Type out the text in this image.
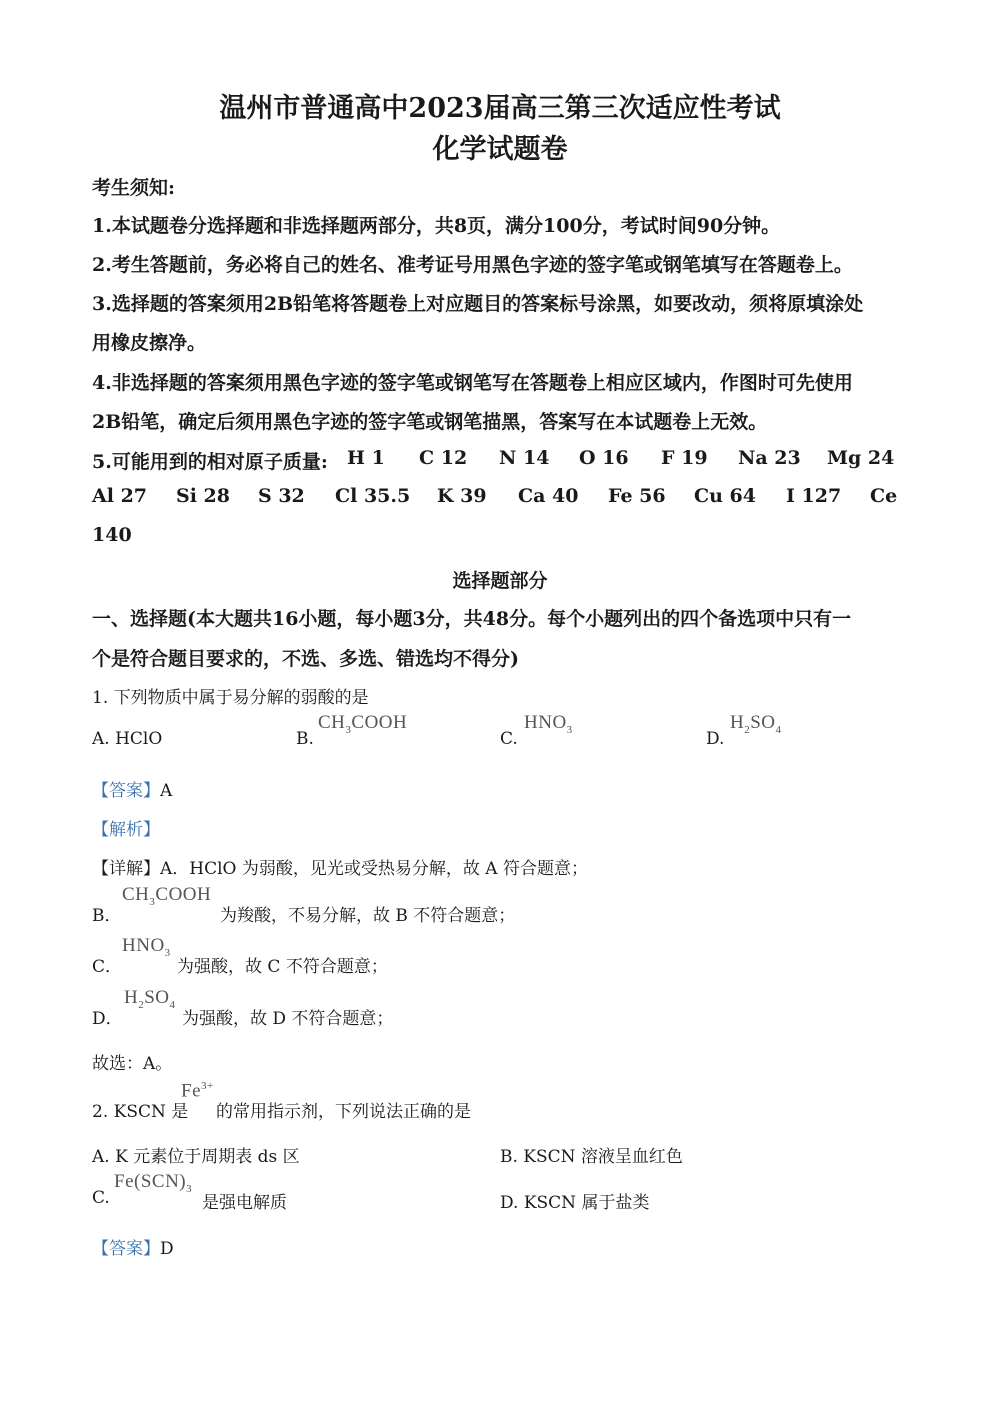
温州市普通高中2023届高三第三次适应性考试
化学试题卷
考生须知:
1.本试题卷分选择题和非选择题两部分，共8页，满分100分，考试时间90分钟。
2.考生答题前，务必将自己的姓名、准考证号用黑色字迹的签字笔或钢笔填写在答题卷上。
3.选择题的答案须用2B铅笔将答题卷上对应题目的答案标号涂黑，如要改动，须将原填涂处
用橡皮擦净。
4.非选择题的答案须用黑色字迹的签字笔或钢笔写在答题卷上相应区域内，作图时可先使用
2B铅笔，确定后须用黑色字迹的签字笔或钢笔描黑，答案写在本试题卷上无效。
5.可能用到的相对原子质量: H 1 C 12 N 14 O 16 F 19 Na 23 Mg 24
Al 27 Si 28 S 32 Cl 35.5 K 39 Ca 40 Fe 56 Cu 64 I 127 Ce
140
选择题部分
一、选择题(本大题共16小题，每小题3分，共48分。每个小题列出的四个备选项中只有一
个是符合题目要求的，不选、多选、错选均不得分)
1. 下列物质中属于易分解的弱酸的是
A. HClO	B.
$CH_3COOH$
C.
$HNO_3$	D.
$H_2SO_4$
【答案】A
【解析】
【详解】A．HClO 为弱酸，见光或受热易分解，故 A 符合题意；
B．
$CH_3COOH$
为羧酸，不易分解，故 B 不符合题意；
C．
$HNO_3$
为强酸，故 C 不符合题意；
D．
$H_2SO_4$
为强酸，故 D 不符合题意；
故选：A。
2. KSCN 是
$Fe^{3+}$
的常用指示剂，下列说法正确的是
A. K 元素位于周期表 ds 区	B. KSCN 溶液呈血红色
C.
$Fe(SCN)_3$
是强电解质	D. KSCN 属于盐类
【答案】D
